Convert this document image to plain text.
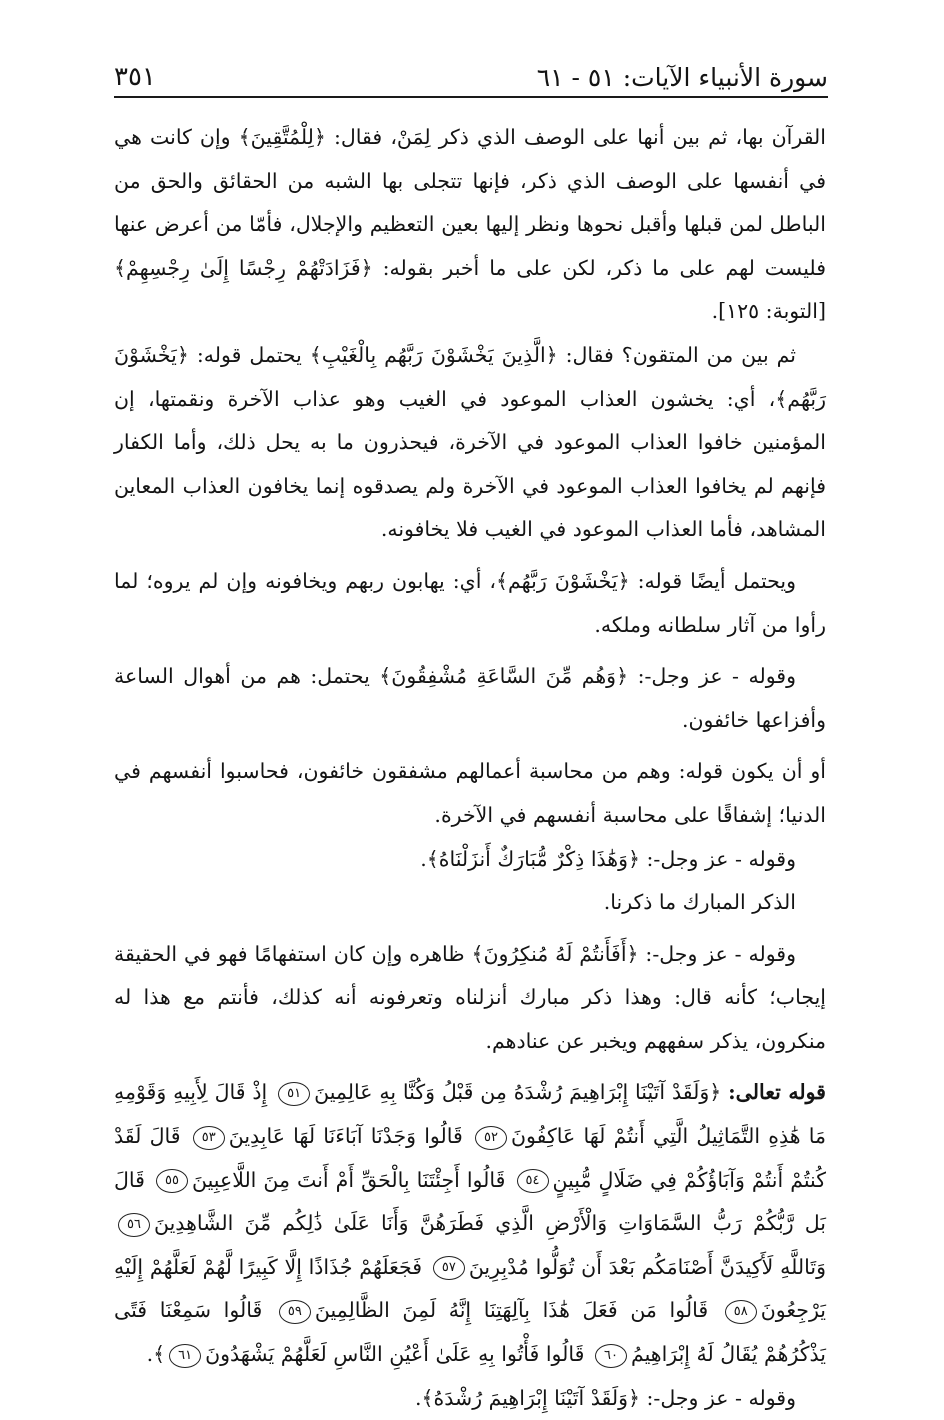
سورة الأنبياء الآيات: ٥١ - ٦١
٣٥١

القرآن بها، ثم بين أنها على الوصف الذي ذكر لِمَنْ، فقال: ﴿لِلْمُتَّقِينَ﴾ وإن كانت هي في أنفسها على الوصف الذي ذكر، فإنها تتجلى بها الشبه من الحقائق والحق من الباطل لمن قبلها وأقبل نحوها ونظر إليها بعين التعظيم والإجلال، فأمّا من أعرض عنها فليست لهم على ما ذكر، لكن على ما أخبر بقوله: ﴿فَزَادَتْهُمْ رِجْسًا إِلَىٰ رِجْسِهِمْ﴾ [التوبة: ١٢٥].

ثم بين من المتقون؟ فقال: ﴿الَّذِينَ يَخْشَوْنَ رَبَّهُم بِالْغَيْبِ﴾ يحتمل قوله: ﴿يَخْشَوْنَ رَبَّهُم﴾، أي: يخشون العذاب الموعود في الغيب وهو عذاب الآخرة ونقمتها، إن المؤمنين خافوا العذاب الموعود في الآخرة، فيحذرون ما به يحل ذلك، وأما الكفار فإنهم لم يخافوا العذاب الموعود في الآخرة ولم يصدقوه إنما يخافون العذاب المعاين المشاهد، فأما العذاب الموعود في الغيب فلا يخافونه.

ويحتمل أيضًا قوله: ﴿يَخْشَوْنَ رَبَّهُم﴾، أي: يهابون ربهم ويخافونه وإن لم يروه؛ لما رأوا من آثار سلطانه وملكه.

وقوله - عز وجل-: ﴿وَهُم مِّنَ السَّاعَةِ مُشْفِقُونَ﴾ يحتمل: هم من أهوال الساعة وأفزاعها خائفون.

أو أن يكون قوله: وهم من محاسبة أعمالهم مشفقون خائفون، فحاسبوا أنفسهم في الدنيا؛ إشفاقًا على محاسبة أنفسهم في الآخرة.

وقوله - عز وجل-: ﴿وَهَٰذَا ذِكْرٌ مُّبَارَكٌ أَنزَلْنَاهُ﴾.

الذكر المبارك ما ذكرنا.

وقوله - عز وجل-: ﴿أَفَأَنتُمْ لَهُ مُنكِرُونَ﴾ ظاهره وإن كان استفهامًا فهو في الحقيقة إيجاب؛ كأنه قال: وهذا ذكر مبارك أنزلناه وتعرفونه أنه كذلك، فأنتم مع هذا له منكرون، يذكر سفههم ويخبر عن عنادهم.

قوله تعالى: ﴿وَلَقَدْ آتَيْنَا إِبْرَاهِيمَ رُشْدَهُ مِن قَبْلُ وَكُنَّا بِهِ عَالِمِينَ٥١ إِذْ قَالَ لِأَبِيهِ وَقَوْمِهِ مَا هَٰذِهِ التَّمَاثِيلُ الَّتِي أَنتُمْ لَهَا عَاكِفُونَ٥٢ قَالُوا وَجَدْنَا آبَاءَنَا لَهَا عَابِدِينَ٥٣ قَالَ لَقَدْ كُنتُمْ أَنتُمْ وَآبَاؤُكُمْ فِي ضَلَالٍ مُّبِينٍ٥٤ قَالُوا أَجِئْتَنَا بِالْحَقِّ أَمْ أَنتَ مِنَ اللَّاعِبِينَ٥٥ قَالَ بَل رَّبُّكُمْ رَبُّ السَّمَاوَاتِ وَالْأَرْضِ الَّذِي فَطَرَهُنَّ وَأَنَا عَلَىٰ ذَٰلِكُم مِّنَ الشَّاهِدِينَ٥٦ وَتَاللَّهِ لَأَكِيدَنَّ أَصْنَامَكُم بَعْدَ أَن تُوَلُّوا مُدْبِرِينَ٥٧ فَجَعَلَهُمْ جُذَاذًا إِلَّا كَبِيرًا لَّهُمْ لَعَلَّهُمْ إِلَيْهِ يَرْجِعُونَ٥٨ قَالُوا مَن فَعَلَ هَٰذَا بِآلِهَتِنَا إِنَّهُ لَمِنَ الظَّالِمِينَ٥٩ قَالُوا سَمِعْنَا فَتًى يَذْكُرُهُمْ يُقَالُ لَهُ إِبْرَاهِيمُ٦٠ قَالُوا فَأْتُوا بِهِ عَلَىٰ أَعْيُنِ النَّاسِ لَعَلَّهُمْ يَشْهَدُونَ٦١﴾.

وقوله - عز وجل-: ﴿وَلَقَدْ آتَيْنَا إِبْرَاهِيمَ رُشْدَهُ﴾.
